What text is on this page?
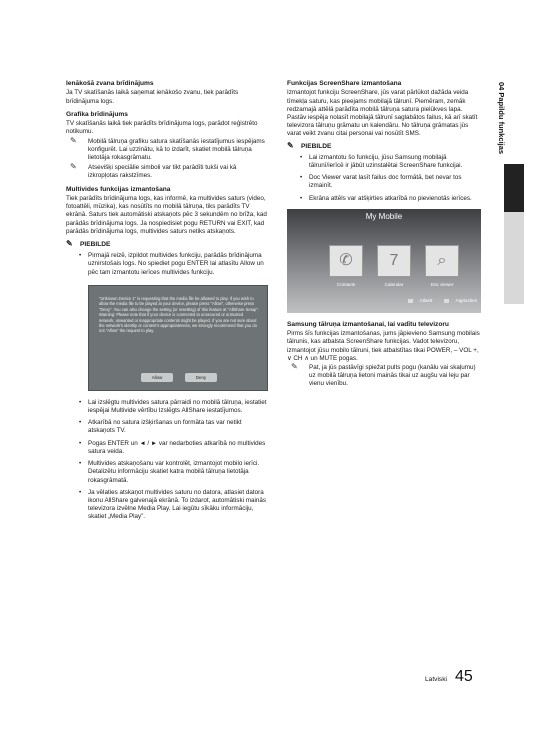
04 Papildu funkcijas
Ienākošā zvana brīdinājums
Ja TV skatīšanās laikā saņemat ienākošo zvanu, tiek parādīts brīdinājuma logs.
Grafika brīdinājums
TV skatīšanās laikā tiek parādīts brīdinājuma logs, parādot reģistrēto notikumu.
✎ Mobilā tālruņa grafiku satura skatīšanās iestatījumus iespējams konfigurēt. Lai uzzinātu, kā to izdarīt, skatiet mobilā tālruņa lietotāja rokasgrāmatu.
✎ Atsevišķi speciālie simboli var tikt parādīti tukši vai kā izkropļotas rakstzīmes.
Multivides funkcijas izmantošana
Tiek parādīts brīdinājuma logs, kas informē, ka multivides saturs (video, fotoattēli, mūzika), kas nosūtīts no mobilā tālruņa, tiks parādīts TV ekrānā. Saturs tiek automātiski atskaņots pēc 3 sekundēm no brīža, kad parādās brīdinājuma logs. Ja nospiedisiet pogu RETURN vai EXIT, kad parādās brīdinājuma logs, multivides saturs netiks atskaņots.
✎ PIEBILDE
• Pirmajā reizē, izpildot multivides funkciju, parādās brīdinājuma uznirstošais logs. No spiediet pogu ENTER lai atlasītu Allow un pēc tam izmantotu ierīces multivides funkciju.
"Unknown Device 1" is requesting that the media file be allowed to play. If you wish to allow the media file to be played at your device, please press "Allow", otherwise press "Deny". You can also change the setting (or resetting) of this feature at "AllShare Setup".
Warning: Please note that if your device is connected to unsecured or untrusted network, unwanted or inappropriate contents might be played. If you are not sure about the network's identity or content's appropriateness, we strongly recommend that you do not "Allow" the request to play.
Allow	Deny
• Lai izslēgtu multivides satura pārraidi no mobilā tālruņa, iestatiet iespējai Multivide vērtību Izslēgts AllShare iestatījumos.
• Atkarībā no satura izšķiršanas un formāta tas var netikt atskaņots TV.
• Pogas ENTER un ◄ / ► var nedarboties atkarībā no multivides satura veida.
• Multivides atskaņošanu var kontrolēt, izmantojot mobilo ierīci. Detalizētu informāciju skatiet katra mobilā tālruņa lietotāja rokasgrāmatā.
• Ja vēlaties atskaņot multivides saturu no datora, atlasiet datora ikonu AllShare galvenajā ekrānā. To izdarot, automātiski mainās televizora izvēlne Media Play. Lai iegūtu sīkāku informāciju, skatiet „Media Play”.
Funkcijas ScreenShare izmantošana
Izmantojot funkciju ScreenShare, jūs varat pārlūkot dažāda veida tīmekļa saturu, kas pieejams mobilajā tālrunī. Piemēram, zemāk redzamajā attēlā parādīta mobilā tālruņa satura pielūkves lapa. Pastāv iespēja nolasīt mobilajā tālrunī saglabātos failus, kā arī skatīt televizora tālruņu grāmatu un kalendāru. No tālruņa grāmatas jūs varat veikt zvanu citai personai vai nosūtīt SMS.
✎ PIEBILDE
• Lai izmantotu šo funkciju, jūsu Samsung mobilajā tālrunī/ierīcē ir jābūt uzinstalētai ScreenShare funkcijai.
• Doc Viewer varat lasīt failus doc formātā, bet nevar tos izmainīt.
• Ekrāna attēls var atšķirties atkarībā no pievienotās ierīces.
My Mobile
✆	7	⌕
Contacts	Calendar	Doc viewer
Atlasīt	Atgriezties
Samsung tālruņa izmantošanai, lai vadītu televizoru
Pirms šīs funkcijas izmantošanas, jums jāpievieno Samsung mobilais tālrunis, kas atbalsta ScreenShare funkcijas. Vadot televizoru, izmantojot jūsu mobilo tālruni, tiek atbalstītas tikai POWER, – VOL +, ∨ CH ∧ un MUTE pogas.
✎ Pat, ja jūs pastāvīgi spiežat pults pogu (kanālu vai skaļumu) uz mobilā tālruņa lietoni mainās tikai uz augšu vai leju par vienu vienību.
Latviski 45
